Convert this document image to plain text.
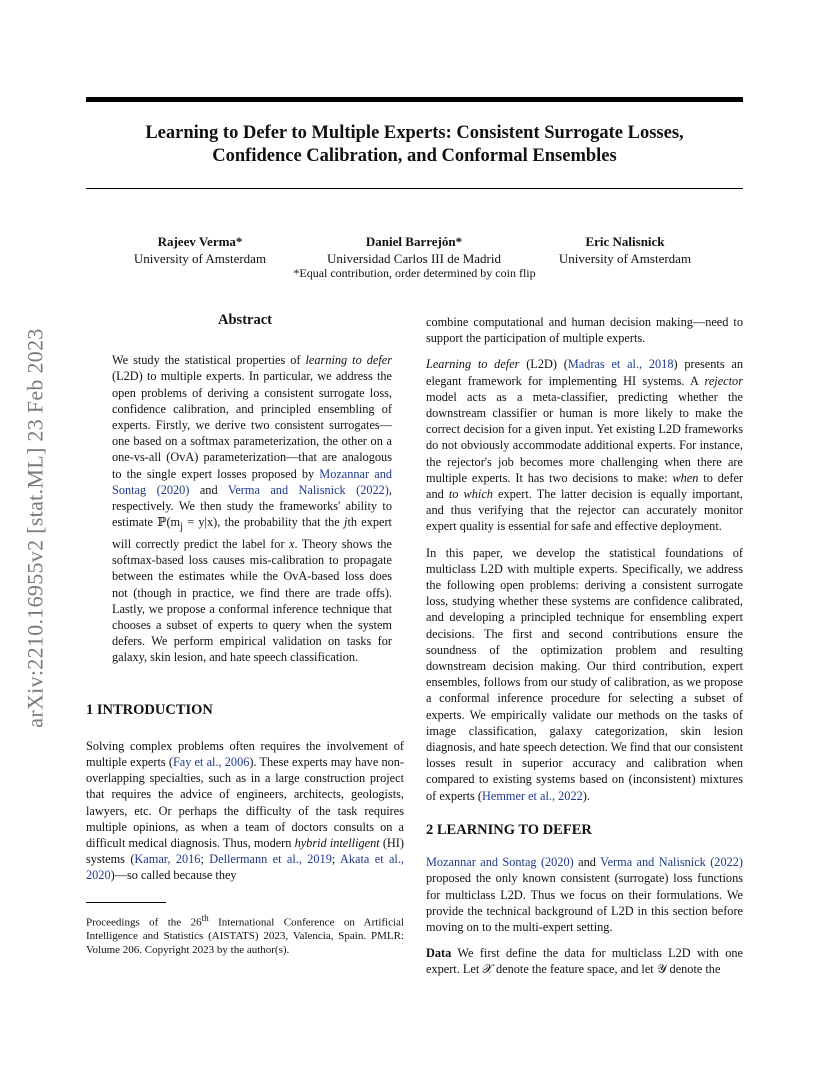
arXiv:2210.16955v2 [stat.ML] 23 Feb 2023
Learning to Defer to Multiple Experts: Consistent Surrogate Losses,
Confidence Calibration, and Conformal Ensembles
Rajeev Verma*
University of Amsterdam
Daniel Barrejón*
Universidad Carlos III de Madrid
Eric Nalisnick
University of Amsterdam
*Equal contribution, order determined by coin flip
Abstract

We study the statistical properties of learning to defer (L2D) to multiple experts. In particular, we address the open problems of deriving a consistent surrogate loss, confidence calibration, and principled ensembling of experts. Firstly, we derive two consistent surrogates—one based on a softmax parameterization, the other on a one-vs-all (OvA) parameterization—that are analogous to the single expert losses proposed by Mozannar and Sontag (2020) and Verma and Nalisnick (2022), respectively. We then study the frameworks' ability to estimate $ℙ(m_j = y|x)$, the probability that the jth expert will correctly predict the label for x. Theory shows the softmax-based loss causes mis-calibration to propagate between the estimates while the OvA-based loss does not (though in practice, we find there are trade offs). Lastly, we propose a conformal inference technique that chooses a subset of experts to query when the system defers. We perform empirical validation on tasks for galaxy, skin lesion, and hate speech classification.

1 INTRODUCTION

Solving complex problems often requires the involvement of multiple experts (Fay et al., 2006). These experts may have non-overlapping specialties, such as in a large construction project that requires the advice of engineers, architects, geologists, lawyers, etc. Or perhaps the difficulty of the task requires multiple opinions, as when a team of doctors consults on a difficult medical diagnosis. Thus, modern hybrid intelligent (HI) systems (Kamar, 2016; Dellermann et al., 2019; Akata et al., 2020)—so called because they

Proceedings of the 26th International Conference on Artificial Intelligence and Statistics (AISTATS) 2023, Valencia, Spain. PMLR: Volume 206. Copyright 2023 by the author(s).

combine computational and human decision making—need to support the participation of multiple experts.

Learning to defer (L2D) (Madras et al., 2018) presents an elegant framework for implementing HI systems. A rejector model acts as a meta-classifier, predicting whether the downstream classifier or human is more likely to make the correct decision for a given input. Yet existing L2D frameworks do not obviously accommodate additional experts. For instance, the rejector's job becomes more challenging when there are multiple experts. It has two decisions to make: when to defer and to which expert. The latter decision is equally important, and thus verifying that the rejector can accurately monitor expert quality is essential for safe and effective deployment.

In this paper, we develop the statistical foundations of multiclass L2D with multiple experts. Specifically, we address the following open problems: deriving a consistent surrogate loss, studying whether these systems are confidence calibrated, and developing a principled technique for ensembling expert decisions. The first and second contributions ensure the soundness of the optimization problem and resulting downstream decision making. Our third contribution, expert ensembles, follows from our study of calibration, as we propose a conformal inference procedure for selecting a subset of experts. We empirically validate our methods on the tasks of image classification, galaxy categorization, skin lesion diagnosis, and hate speech detection. We find that our consistent losses result in superior accuracy and calibration when compared to existing systems based on (inconsistent) mixtures of experts (Hemmer et al., 2022).

2 LEARNING TO DEFER

Mozannar and Sontag (2020) and Verma and Nalisnick (2022) proposed the only known consistent (surrogate) loss functions for multiclass L2D. Thus we focus on their formulations. We provide the technical background of L2D in this section before moving on to the multi-expert setting.

Data We first define the data for multiclass L2D with one expert. Let 𝒳 denote the feature space, and let 𝒴 denote the
